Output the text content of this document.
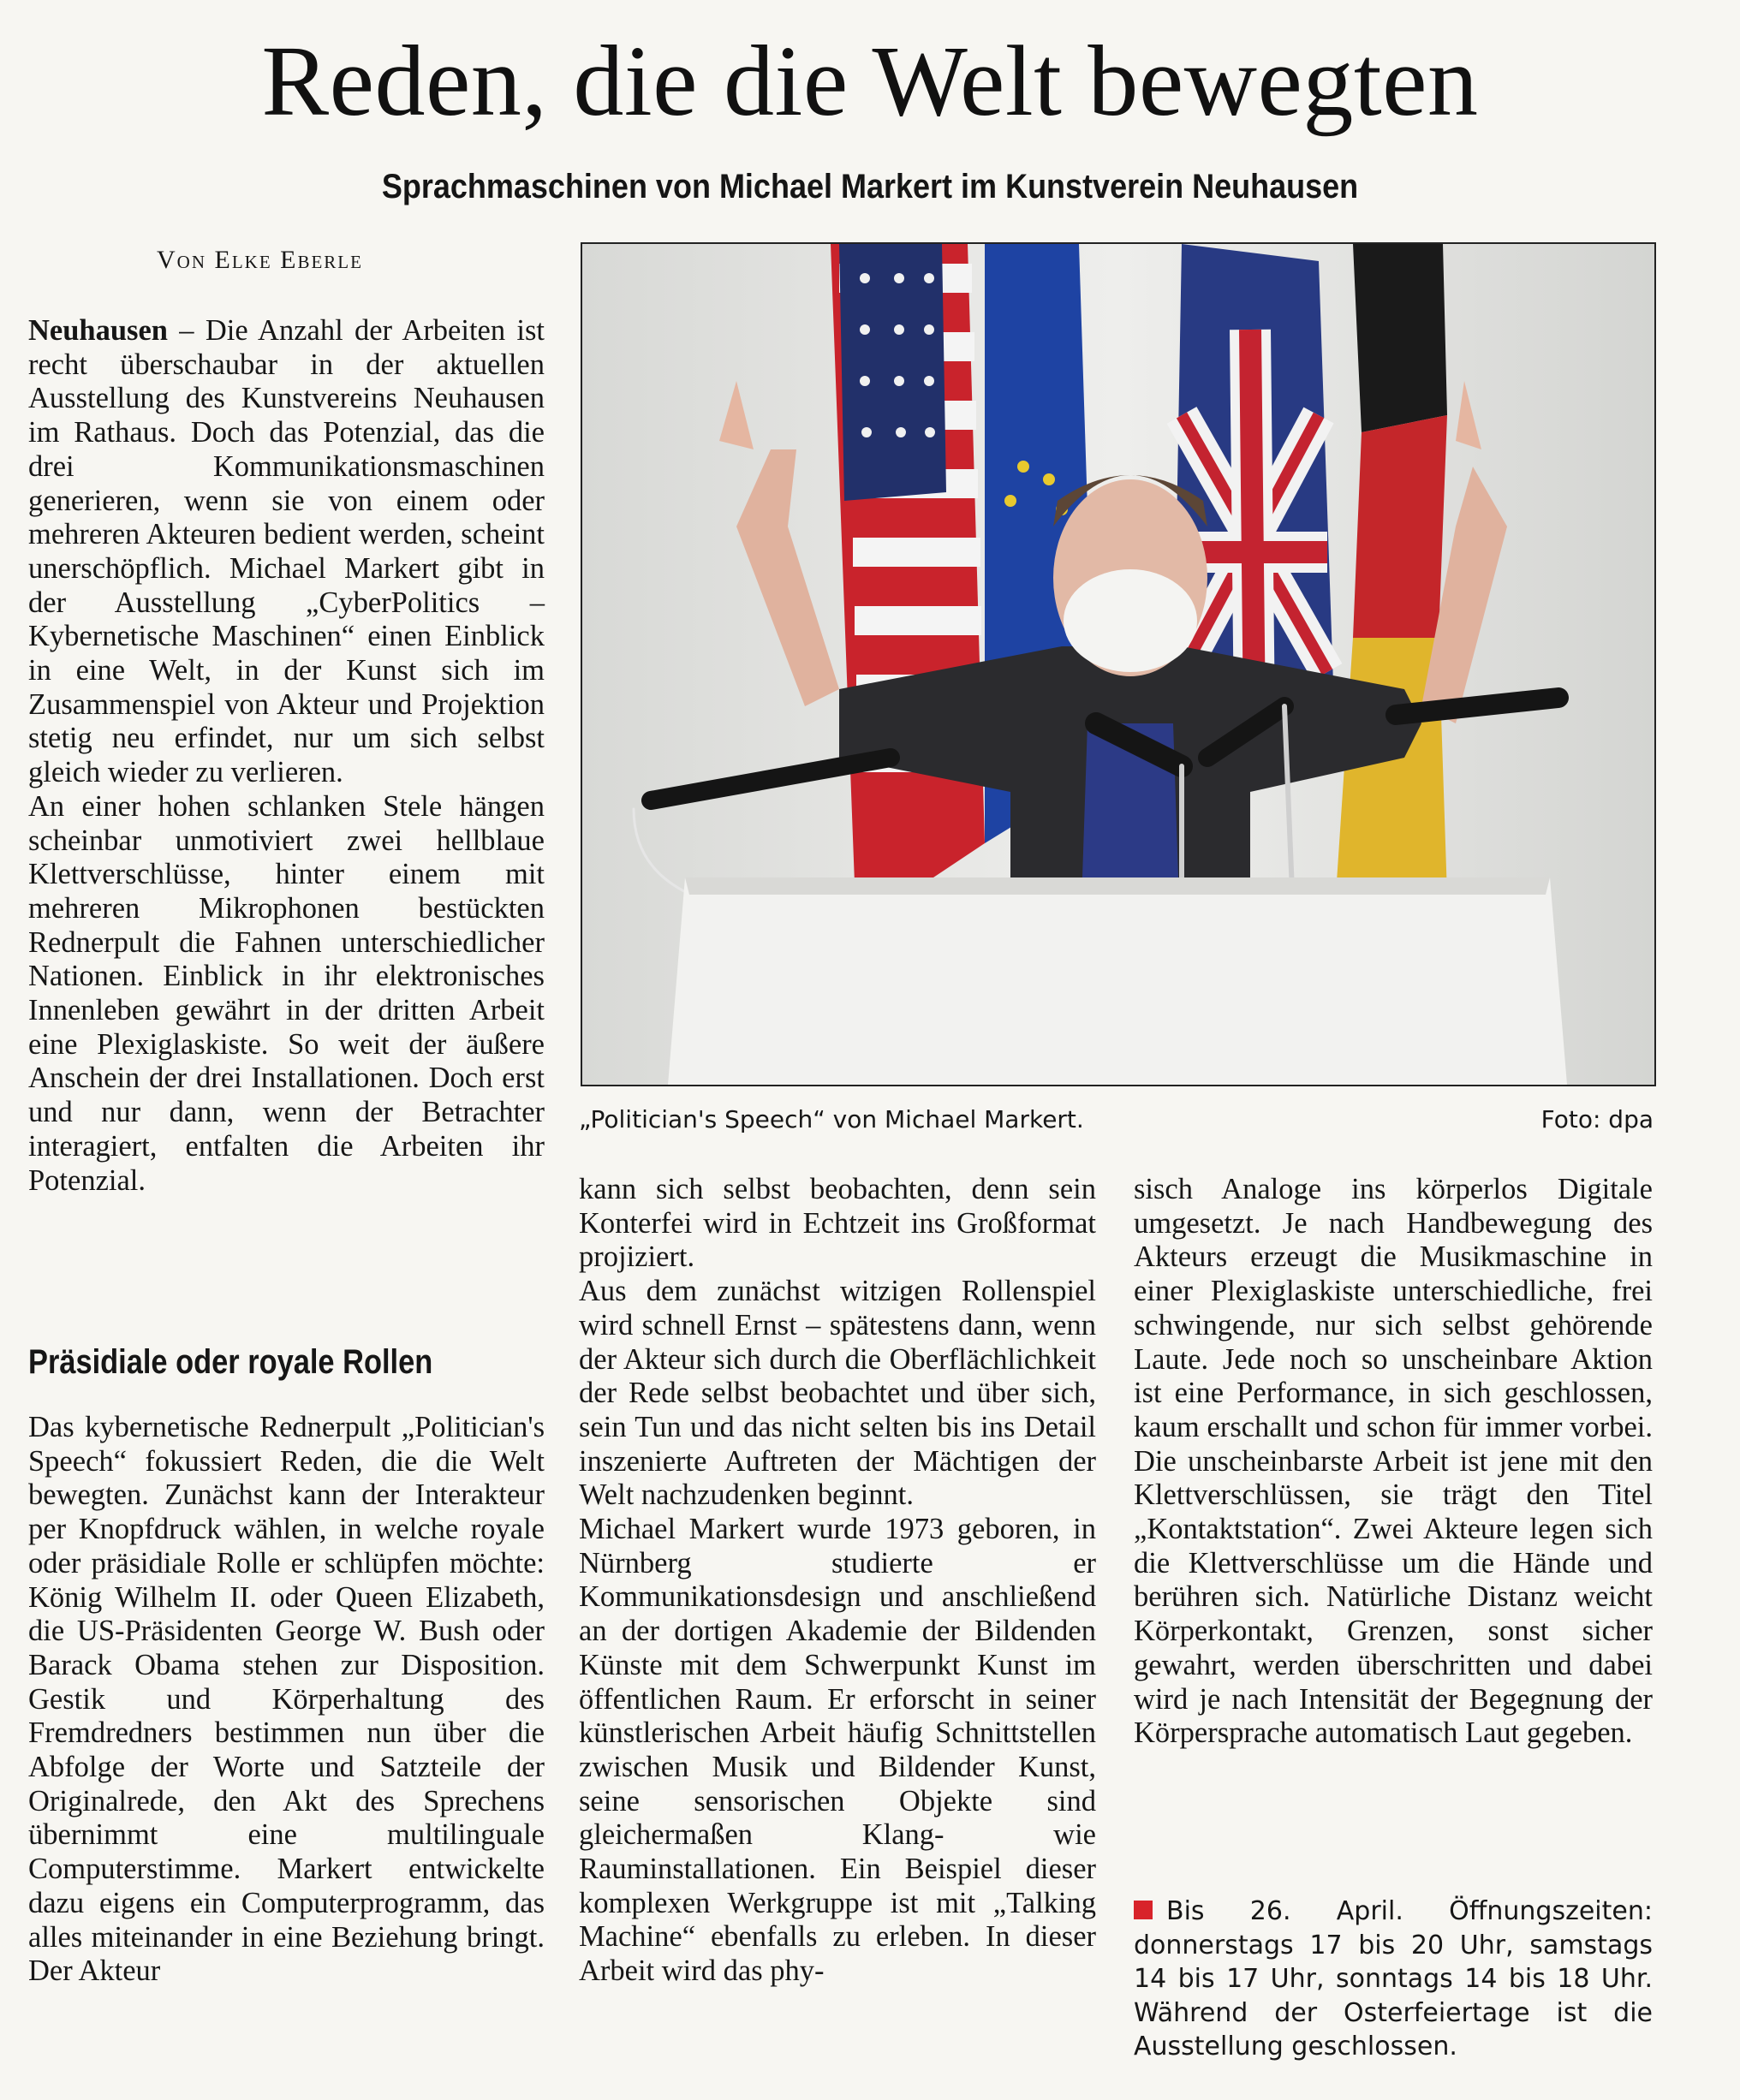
Reden, die die Welt bewegten
Sprachmaschinen von Michael Markert im Kunstverein Neuhausen
Von Elke Eberle

Neuhausen – Die Anzahl der Arbeiten ist recht überschaubar in der aktuellen Ausstellung des Kunstvereins Neuhausen im Rathaus. Doch das Potenzial, das die drei Kommunikationsmaschinen generieren, wenn sie von einem oder mehreren Akteuren bedient werden, scheint unerschöpflich. Michael Markert gibt in der Ausstellung „CyberPolitics – Kybernetische Maschinen“ einen Einblick in eine Welt, in der Kunst sich im Zusammenspiel von Akteur und Projektion stetig neu erfindet, nur um sich selbst gleich wieder zu verlieren.

An einer hohen schlanken Stele hängen scheinbar unmotiviert zwei hellblaue Klettverschlüsse, hinter einem mit mehreren Mikrophonen bestückten Rednerpult die Fahnen unterschiedlicher Nationen. Einblick in ihr elektronisches Innenleben gewährt in der dritten Arbeit eine Plexiglaskiste. So weit der äußere Anschein der drei Installationen. Doch erst und nur dann, wenn der Betrachter interagiert, entfalten die Arbeiten ihr Potenzial.

Präsidiale oder royale Rollen

Das kybernetische Rednerpult „Politician's Speech“ fokussiert Reden, die die Welt bewegten. Zunächst kann der Interakteur per Knopfdruck wählen, in welche royale oder präsidiale Rolle er schlüpfen möchte: König Wilhelm II. oder Queen Elizabeth, die US-Präsidenten George W. Bush oder Barack Obama stehen zur Disposition. Gestik und Körperhaltung des Fremdredners bestimmen nun über die Abfolge der Worte und Satzteile der Originalrede, den Akt des Sprechens übernimmt eine multilinguale Computerstimme. Markert entwickelte dazu eigens ein Computerprogramm, das alles miteinander in eine Beziehung bringt. Der Akteur

„Politician's Speech“ von Michael Markert.	Foto: dpa

kann sich selbst beobachten, denn sein Konterfei wird in Echtzeit ins Großformat projiziert.

Aus dem zunächst witzigen Rollenspiel wird schnell Ernst – spätestens dann, wenn der Akteur sich durch die Oberflächlichkeit der Rede selbst beobachtet und über sich, sein Tun und das nicht selten bis ins Detail inszenierte Auftreten der Mächtigen der Welt nachzudenken beginnt.

Michael Markert wurde 1973 geboren, in Nürnberg studierte er Kommunikationsdesign und anschließend an der dortigen Akademie der Bildenden Künste mit dem Schwerpunkt Kunst im öffentlichen Raum. Er erforscht in seiner künstlerischen Arbeit häufig Schnittstellen zwischen Musik und Bildender Kunst, seine sensorischen Objekte sind gleichermaßen Klang- wie Rauminstallationen. Ein Beispiel dieser komplexen Werkgruppe ist mit „Talking Machine“ ebenfalls zu erleben. In dieser Arbeit wird das phy-

sisch Analoge ins körperlos Digitale umgesetzt. Je nach Handbewegung des Akteurs erzeugt die Musikmaschine in einer Plexiglaskiste unterschiedliche, frei schwingende, nur sich selbst gehörende Laute. Jede noch so unscheinbare Aktion ist eine Performance, in sich geschlossen, kaum erschallt und schon für immer vorbei. Die unscheinbarste Arbeit ist jene mit den Klettverschlüssen, sie trägt den Titel „Kontaktstation“. Zwei Akteure legen sich die Klettverschlüsse um die Hände und berühren sich. Natürliche Distanz weicht Körperkontakt, Grenzen, sonst sicher gewahrt, werden überschritten und dabei wird je nach Intensität der Begegnung der Körpersprache automatisch Laut gegeben.

Bis 26. April. Öffnungszeiten: donnerstags 17 bis 20 Uhr, samstags 14 bis 17 Uhr, sonntags 14 bis 18 Uhr. Während der Osterfeiertage ist die Ausstellung geschlossen.
